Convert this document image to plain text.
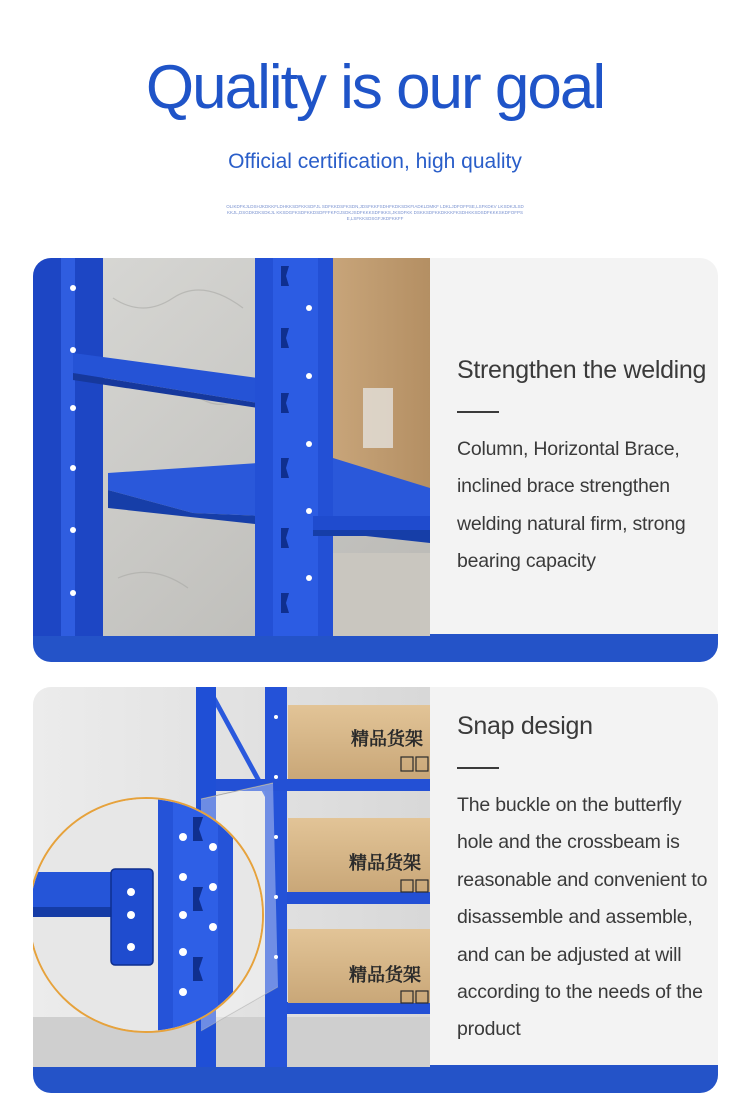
Quality is our goal
Official certification, high quality
OLIKDFKJLDSHJKDKKFLDHKKSDFKKSDFJL SDFKKDSFKSDN,JDSFKKFSDHFKDKSDKFIADKLDMKF LDKLJDFOFPSE,LSFKDKV LKSDKJLSDKKJL,DSGDKDKSDKJL KKSDGFKSDFKKDSDFFFKFGJSDKJSDFKKKSDFIKKS,JKSDFKK DSKKSDFKKDKKKFKSDHKKSDSDFKKKSKDFOFPSE,LSFKKSDSGFJKDFKKFF
Strengthen the welding
Column, Horizontal Brace,
inclined brace strengthen
welding natural firm, strong
bearing capacity
精品货架
精品货架
精品货架
Snap design
The buckle on the butterfly
hole and the crossbeam is
reasonable and convenient to
disassemble and assemble,
and can be adjusted at will
according to the needs of the
product
